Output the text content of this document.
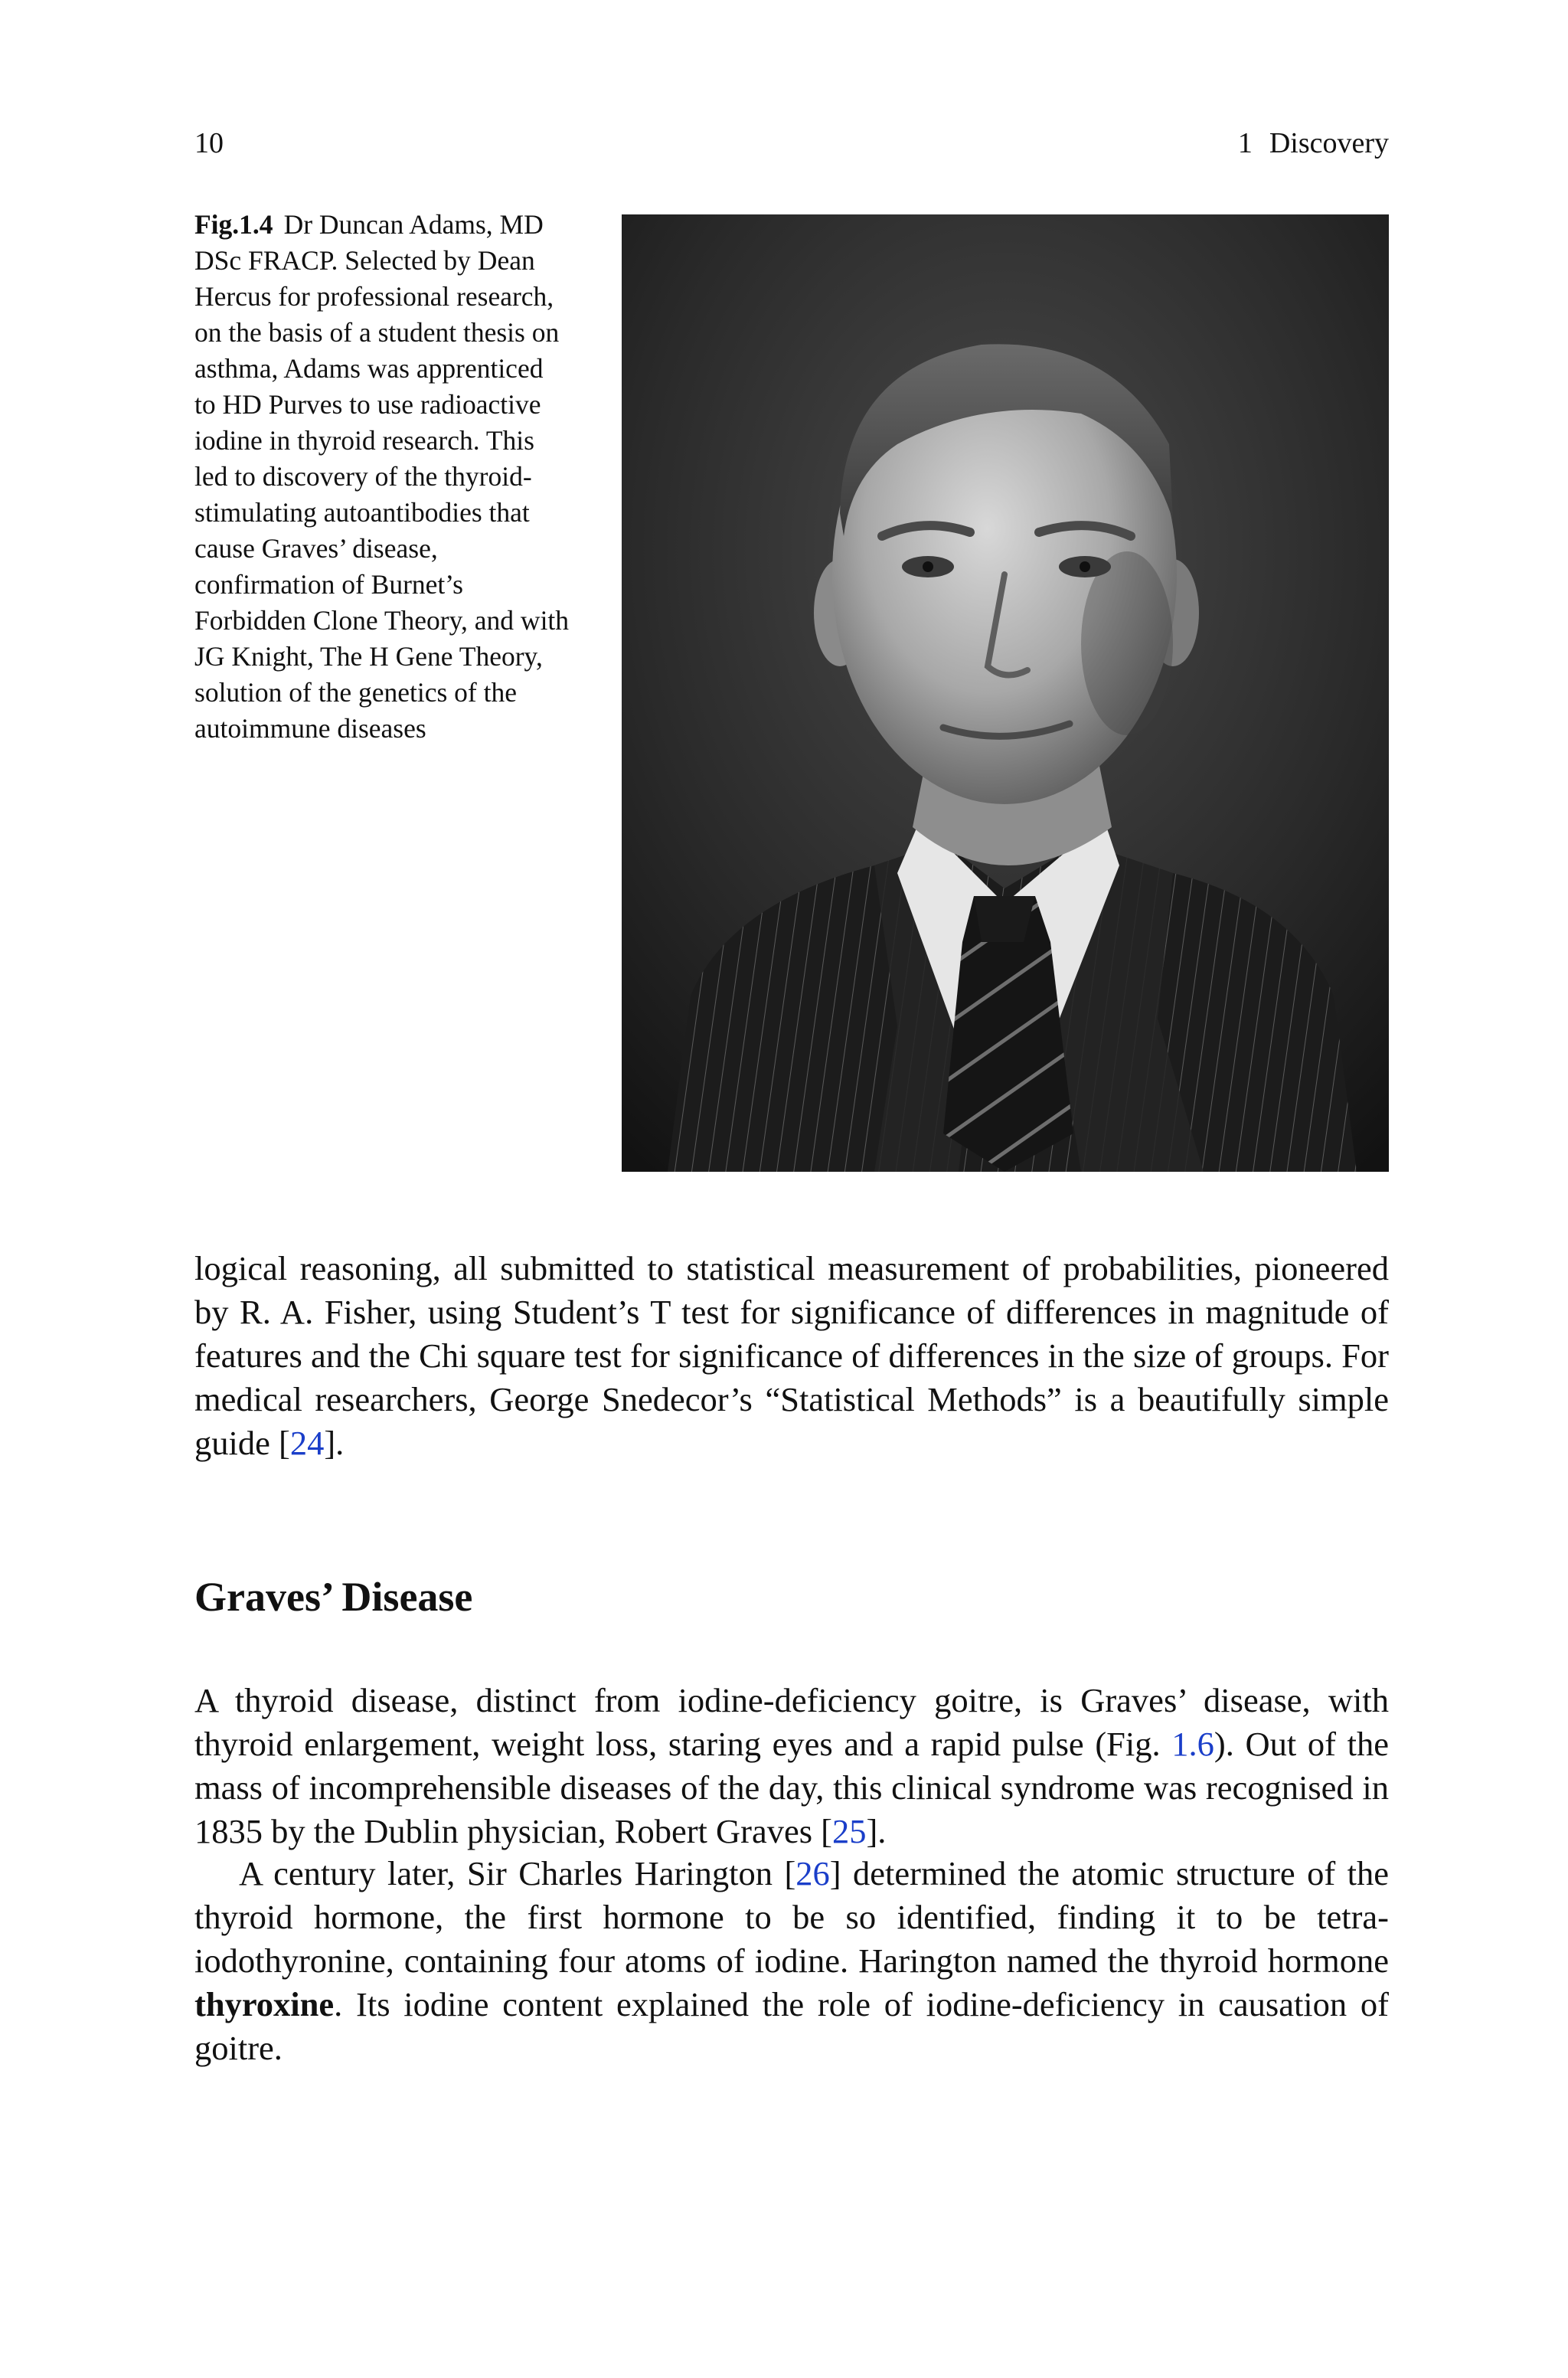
10	1 Discovery
Fig.1.4 Dr Duncan Adams, MD DSc FRACP. Selected by Dean Hercus for professional research, on the basis of a student thesis on asthma, Adams was apprenticed to HD Purves to use radioactive iodine in thyroid research. This led to discovery of the thyroid-stimulating autoantibodies that cause Graves’ disease, confirmation of Burnet’s Forbidden Clone Theory, and with JG Knight, The H Gene Theory, solution of the genetics of the autoimmune diseases

logical reasoning, all submitted to statistical measurement of probabilities, pioneered by R. A. Fisher, using Student’s T test for significance of differences in magnitude of features and the Chi square test for significance of differences in the size of groups. For medical researchers, George Snedecor’s “Statistical Methods” is a beautifully simple guide [24].

Graves’ Disease

A thyroid disease, distinct from iodine-deficiency goitre, is Graves’ disease, with thyroid enlargement, weight loss, staring eyes and a rapid pulse (Fig. 1.6). Out of the mass of incomprehensible diseases of the day, this clinical syndrome was recognised in 1835 by the Dublin physician, Robert Graves [25].

A century later, Sir Charles Harington [26] determined the atomic structure of the thyroid hormone, the first hormone to be so identified, finding it to be tetra-iodothyronine, containing four atoms of iodine. Harington named the thyroid hormone thyroxine. Its iodine content explained the role of iodine-deficiency in causation of goitre.
